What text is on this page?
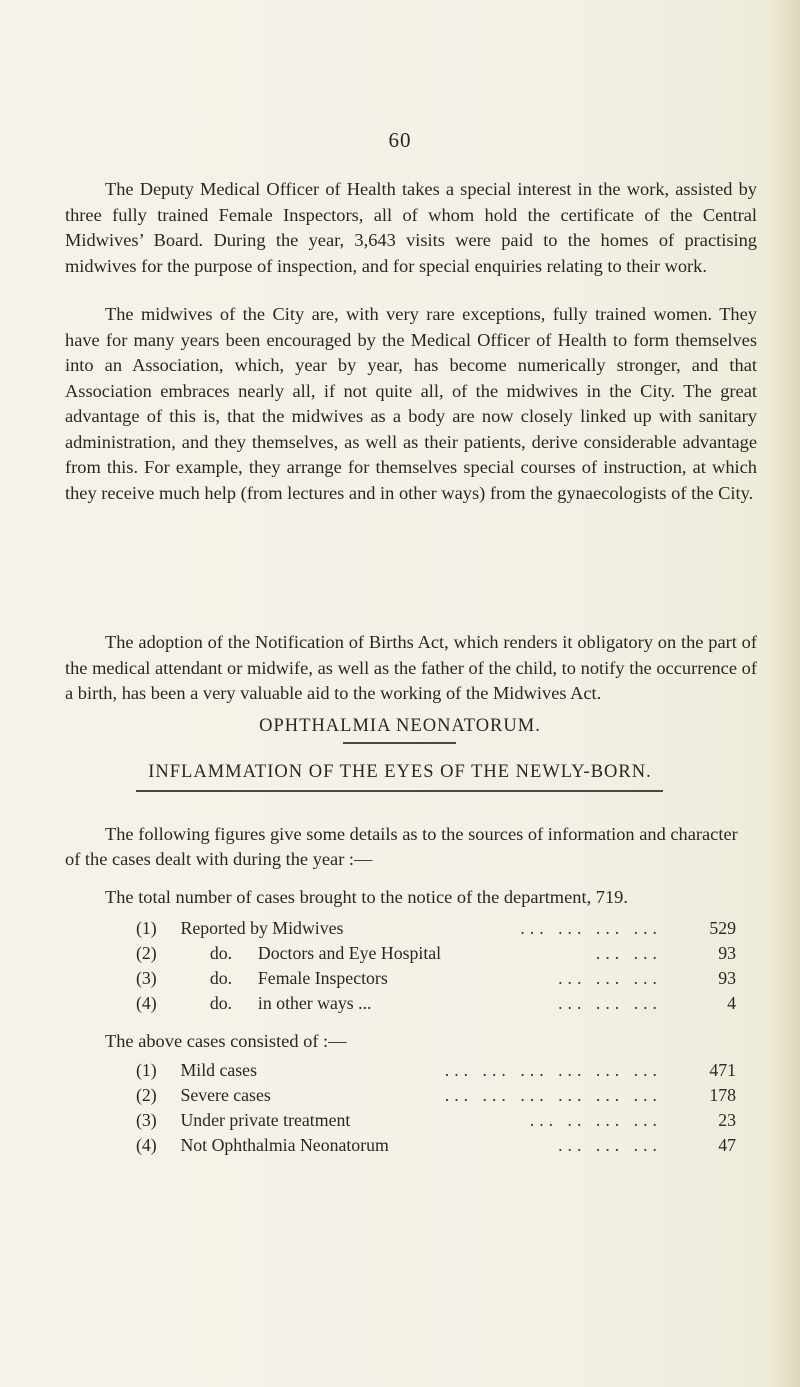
60
The Deputy Medical Officer of Health takes a special interest in the work, assisted by three fully trained Female Inspectors, all of whom hold the certificate of the Central Midwives’ Board. During the year, 3,643 visits were paid to the homes of practising midwives for the purpose of inspection, and for special enquiries relating to their work.
The midwives of the City are, with very rare exceptions, fully trained women. They have for many years been encouraged by the Medical Officer of Health to form themselves into an Association, which, year by year, has become numerically stronger, and that Association embraces nearly all, if not quite all, of the midwives in the City. The great advantage of this is, that the midwives as a body are now closely linked up with sanitary administration, and they themselves, as well as their patients, derive considerable advantage from this. For example, they arrange for themselves special courses of instruction, at which they receive much help (from lectures and in other ways) from the gynaecologists of the City.
The adoption of the Notification of Births Act, which renders it obligatory on the part of the medical attendant or midwife, as well as the father of the child, to notify the occurrence of a birth, has been a very valuable aid to the working of the Midwives Act.
OPHTHALMIA NEONATORUM.
INFLAMMATION OF THE EYES OF THE NEWLY-BORN.
The following figures give some details as to the sources of information and character of the cases dealt with during the year :—
The total number of cases brought to the notice of the department, 719.
(1) Reported by Midwives	... ... ... ...	529
(2)	do. Doctors and Eye Hospital	... ...	93
(3)	do. Female Inspectors	... ... ...	93
(4)	do. in other ways ...	... ... ...	4
The above cases consisted of :—
(1) Mild cases	... ... ... ... ... ...	471
(2) Severe cases	... ... ... ... ... ...	178
(3) Under private treatment	... .. ... ...	23
(4) Not Ophthalmia Neonatorum	... ... ...	47
